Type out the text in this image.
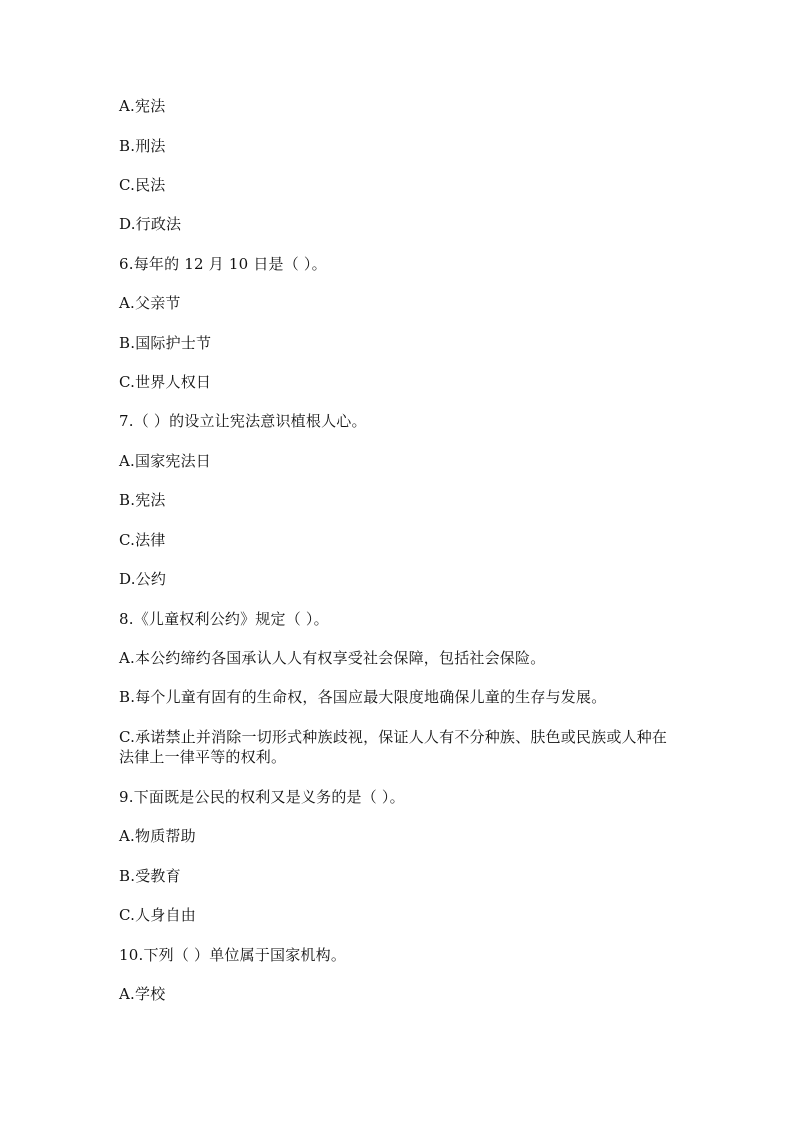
A.宪法
B.刑法
C.民法
D.行政法
6.每年的 12 月 10 日是（ ）。
A.父亲节
B.国际护士节
C.世界人权日
7.（ ）的设立让宪法意识植根人心。
A.国家宪法日
B.宪法
C.法律
D.公约
8.《儿童权利公约》规定（ ）。
A.本公约缔约各国承认人人有权享受社会保障，包括社会保险。
B.每个儿童有固有的生命权，各国应最大限度地确保儿童的生存与发展。
C.承诺禁止并消除一切形式种族歧视，保证人人有不分种族、肤色或民族或人种在法律上一律平等的权利。
9.下面既是公民的权利又是义务的是（ ）。
A.物质帮助
B.受教育
C.人身自由
10.下列（ ）单位属于国家机构。
A.学校
